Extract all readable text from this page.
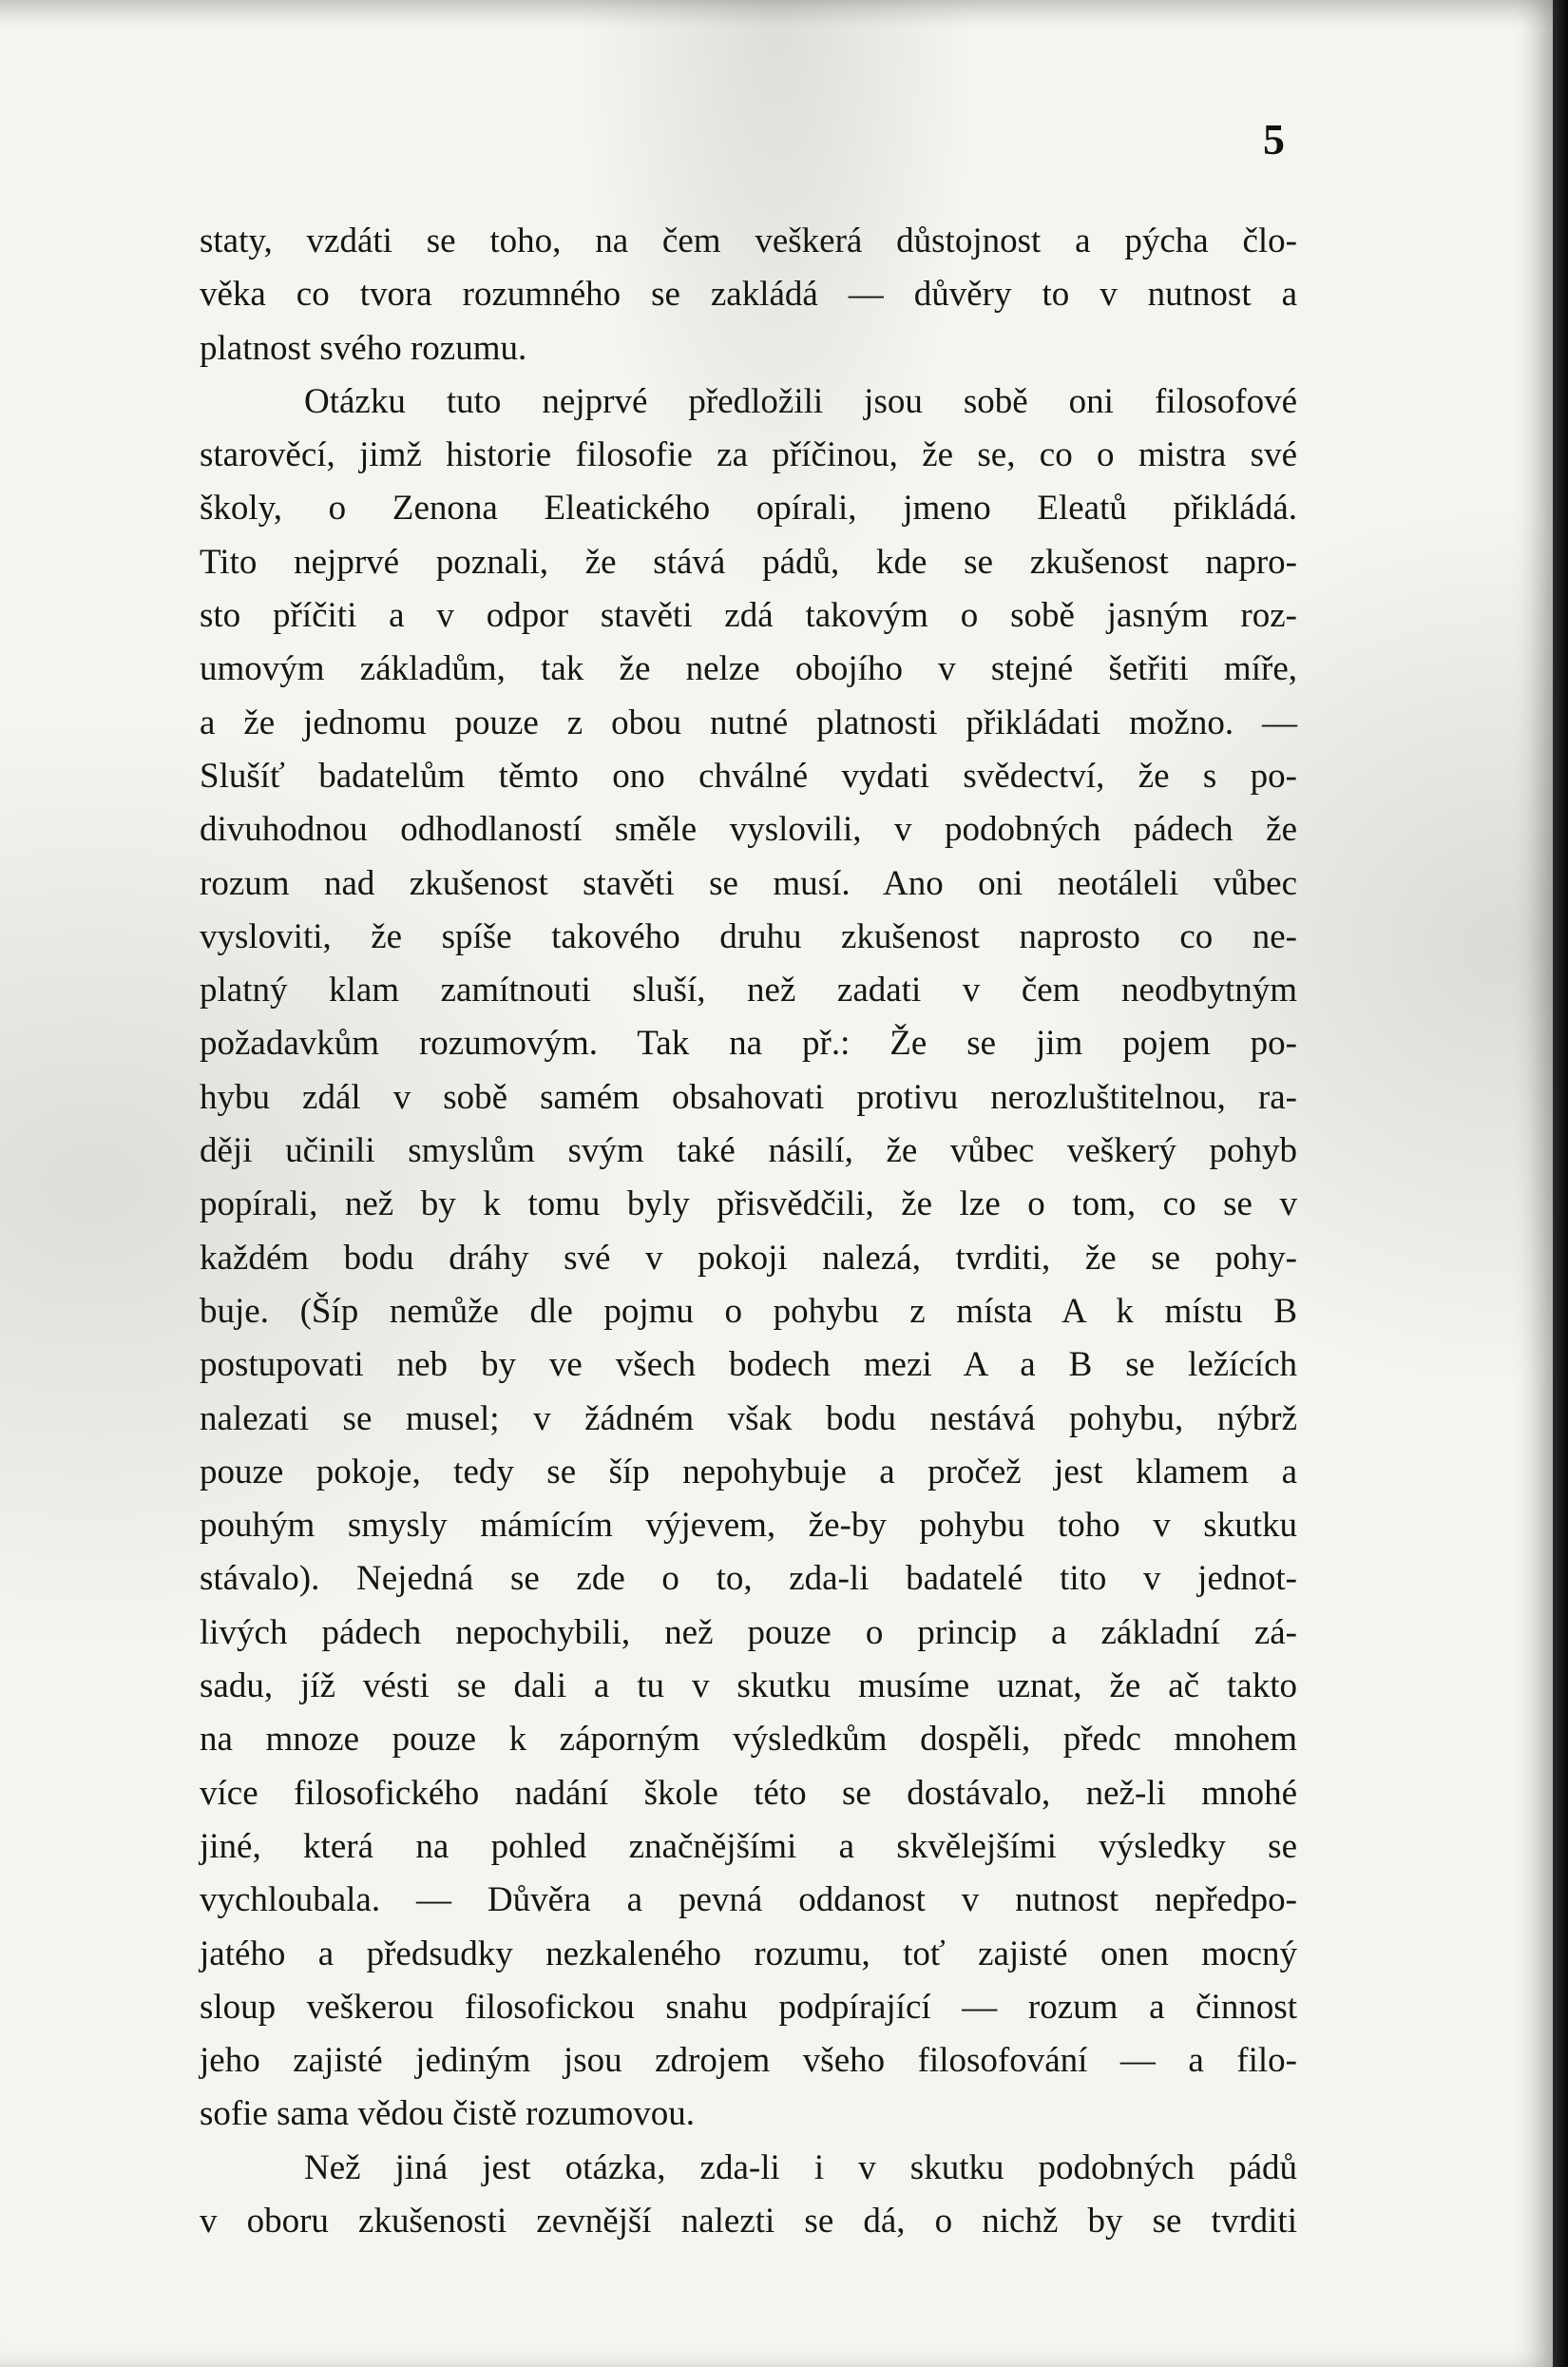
5

staty, vzdáti se toho, na čem veškerá důstojnost a pýcha člo-
věka co tvora rozumného se zakládá — důvěry to v nutnost a
platnost svého rozumu.

Otázku tuto nejprvé předložili jsou sobě oni filosofové
starověcí, jimž historie filosofie za příčinou, že se, co o mistra své
školy, o Zenona Eleatického opírali, jmeno Eleatů přikládá.
Tito nejprvé poznali, že stává pádů, kde se zkušenost napro-
sto příčiti a v odpor stavěti zdá takovým o sobě jasným roz-
umovým základům, tak že nelze obojího v stejné šetřiti míře,
a že jednomu pouze z obou nutné platnosti přikládati možno. —
Slušíť badatelům těmto ono chválné vydati svědectví, že s po-
divuhodnou odhodlaností směle vyslovili, v podobných pádech že
rozum nad zkušenost stavěti se musí. Ano oni neotáleli vůbec
vysloviti, že spíše takového druhu zkušenost naprosto co ne-
platný klam zamítnouti sluší, než zadati v čem neodbytným
požadavkům rozumovým. Tak na př.: Že se jim pojem po-
hybu zdál v sobě samém obsahovati protivu nerozluštitelnou, ra-
ději učinili smyslům svým také násilí, že vůbec veškerý pohyb
popírali, než by k tomu byly přisvědčili, že lze o tom, co se v
každém bodu dráhy své v pokoji nalezá, tvrditi, že se pohy-
buje. (Šíp nemůže dle pojmu o pohybu z místa A k místu B
postupovati neb by ve všech bodech mezi A a B se ležících
nalezati se musel; v žádném však bodu nestává pohybu, nýbrž
pouze pokoje, tedy se šíp nepohybuje a pročež jest klamem a
pouhým smysly mámícím výjevem, že-by pohybu toho v skutku
stávalo). Nejedná se zde o to, zda-li badatelé tito v jednot-
livých pádech nepochybili, než pouze o princip a základní zá-
sadu, jíž vésti se dali a tu v skutku musíme uznat, že ač takto
na mnoze pouze k záporným výsledkům dospěli, předc mnohem
více filosofického nadání škole této se dostávalo, než-li mnohé
jiné, která na pohled značnějšími a skvělejšími výsledky se
vychloubala. — Důvěra a pevná oddanost v nutnost nepředpo-
jatého a předsudky nezkaleného rozumu, toť zajisté onen mocný
sloup veškerou filosofickou snahu podpírající — rozum a činnost
jeho zajisté jediným jsou zdrojem všeho filosofování — a filo-
sofie sama vědou čistě rozumovou.

Než jiná jest otázka, zda-li i v skutku podobných pádů
v oboru zkušenosti zevnější nalezti se dá, o nichž by se tvrditi
